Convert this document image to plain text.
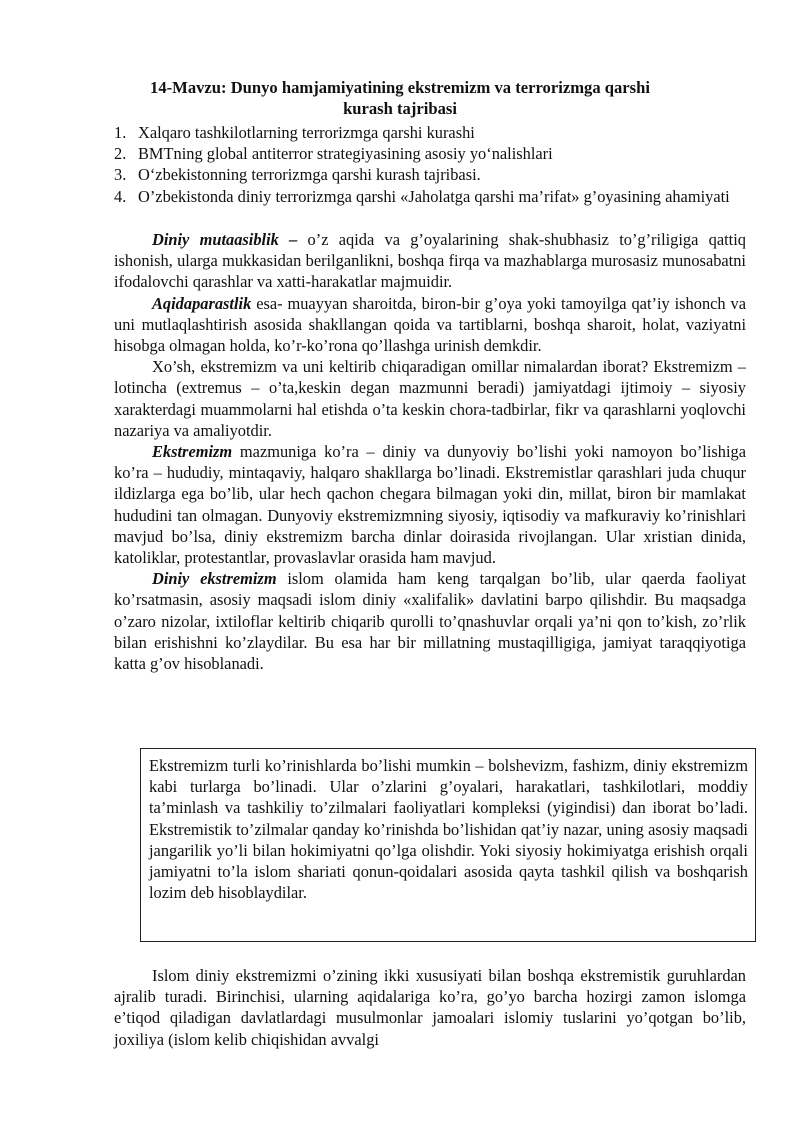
14-Mavzu: Dunyo hamjamiyatining ekstremizm va terrorizmga qarshi
kurash tajribasi
1. Xalqaro tashkilotlarning terrorizmga qarshi kurashi
2. BMTning global antiterror strategiyasining asosiy yo‘nalishlari
3. O‘zbekistonning terrorizmga qarshi kurash tajribasi.
4. O’zbekistonda diniy terrorizmga qarshi «Jaholatga qarshi ma’rifat» g’oyasining ahamiyati

Diniy mutaasiblik – o’z aqida va g’oyalarining shak-shubhasiz to’g’riligiga qattiq ishonish, ularga mukkasidan berilganlikni, boshqa firqa va mazhablarga murosasiz munosabatni ifodalovchi qarashlar va xatti-harakatlar majmuidir.

Aqidaparastlik esa- muayyan sharoitda, biron-bir g’oya yoki tamoyilga qat’iy ishonch va uni mutlaqlashtirish asosida shakllangan qoida va tartiblarni, boshqa sharoit, holat, vaziyatni hisobga olmagan holda, ko’r-ko’rona qo’llashga urinish demkdir.

Xo’sh, ekstremizm va uni keltirib chiqaradigan omillar nimalardan iborat? Ekstremizm – lotincha (extremus – o’ta,keskin degan mazmunni beradi) jamiyatdagi ijtimoiy – siyosiy xarakterdagi muammolarni hal etishda o’ta keskin chora-tadbirlar, fikr va qarashlarni yoqlovchi nazariya va amaliyotdir.

Ekstremizm mazmuniga ko’ra – diniy va dunyoviy bo’lishi yoki namoyon bo’lishiga ko’ra – hududiy, mintaqaviy, halqaro shakllarga bo’linadi. Ekstremistlar qarashlari juda chuqur ildizlarga ega bo’lib, ular hech qachon chegara bilmagan yoki din, millat, biron bir mamlakat hududini tan olmagan. Dunyoviy ekstremizmning siyosiy, iqtisodiy va mafkuraviy ko’rinishlari mavjud bo’lsa, diniy ekstremizm barcha dinlar doirasida rivojlangan. Ular xristian dinida, katoliklar, protestantlar, provaslavlar orasida ham mavjud.

Diniy ekstremizm islom olamida ham keng tarqalgan bo’lib, ular qaerda faoliyat ko’rsatmasin, asosiy maqsadi islom diniy «xalifalik» davlatini barpo qilishdir. Bu maqsadga o’zaro nizolar, ixtiloflar keltirib chiqarib qurolli to’qnashuvlar orqali ya’ni qon to’kish, zo’rlik bilan erishishni ko’zlaydilar. Bu esa har bir millatning mustaqilligiga, jamiyat taraqqiyotiga katta g’ov hisoblanadi.

Ekstremizm turli ko’rinishlarda bo’lishi mumkin – bolshevizm, fashizm, diniy ekstremizm kabi turlarga bo’linadi. Ular o’zlarini g’oyalari, harakatlari, tashkilotlari, moddiy ta’minlash va tashkiliy to’zilmalari faoliyatlari kompleksi (yigindisi) dan iborat bo’ladi. Ekstremistik to’zilmalar qanday ko’rinishda bo’lishidan qat’iy nazar, uning asosiy maqsadi jangarilik yo’li bilan hokimiyatni qo’lga olishdir. Yoki siyosiy hokimiyatga erishish orqali jamiyatni to’la islom shariati qonun-qoidalari asosida qayta tashkil qilish va boshqarish lozim deb hisoblaydilar.

Islom diniy ekstremizmi o’zining ikki xususiyati bilan boshqa ekstremistik guruhlardan ajralib turadi. Birinchisi, ularning aqidalariga ko’ra, go’yo barcha hozirgi zamon islomga e’tiqod qiladigan davlatlardagi musulmonlar jamoalari islomiy tuslarini yo’qotgan bo’lib, joxiliya (islom kelib chiqishidan avvalgi
